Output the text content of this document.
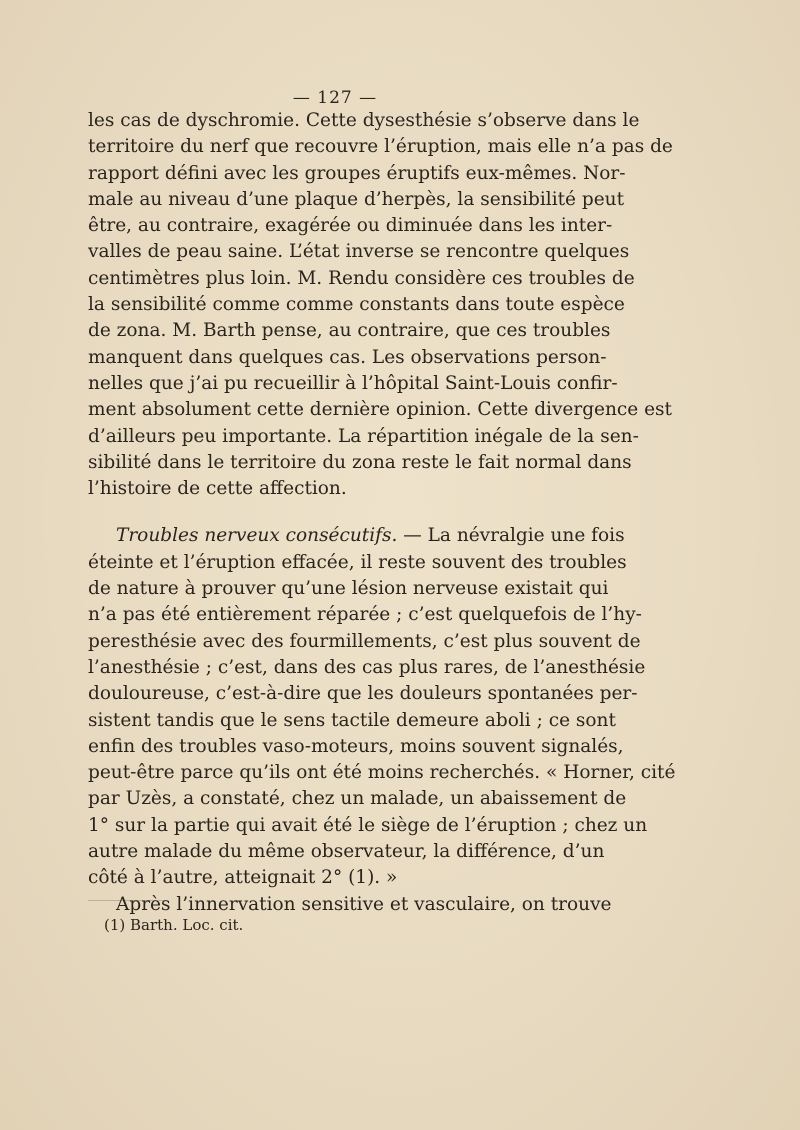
— 127 —
les cas de dyschromie. Cette dysesthésie s’observe dans le
territoire du nerf que recouvre l’éruption, mais elle n’a pas de
rapport défini avec les groupes éruptifs eux-mêmes. Nor-
male au niveau d’une plaque d’herpès, la sensibilité peut
être, au contraire, exagérée ou diminuée dans les inter-
valles de peau saine. L’état inverse se rencontre quelques
centimètres plus loin. M. Rendu considère ces troubles de
la sensibilité comme comme constants dans toute espèce
de zona. M. Barth pense, au contraire, que ces troubles
manquent dans quelques cas. Les observations person-
nelles que j’ai pu recueillir à l’hôpital Saint-Louis confir-
ment absolument cette dernière opinion. Cette divergence est
d’ailleurs peu importante. La répartition inégale de la sen-
sibilité dans le territoire du zona reste le fait normal dans
l’histoire de cette affection.
Troubles nerveux consécutifs. — La névralgie une fois
éteinte et l’éruption effacée, il reste souvent des troubles
de nature à prouver qu’une lésion nerveuse existait qui
n’a pas été entièrement réparée ; c’est quelquefois de l’hy-
peresthésie avec des fourmillements, c’est plus souvent de
l’anesthésie ; c’est, dans des cas plus rares, de l’anesthésie
douloureuse, c’est-à-dire que les douleurs spontanées per-
sistent tandis que le sens tactile demeure aboli ; ce sont
enfin des troubles vaso-moteurs, moins souvent signalés,
peut-être parce qu’ils ont été moins recherchés. « Horner, cité
par Uzès, a constaté, chez un malade, un abaissement de
1° sur la partie qui avait été le siège de l’éruption ; chez un
autre malade du même observateur, la différence, d’un
côté à l’autre, atteignait 2° (1). »
Après l’innervation sensitive et vasculaire, on trouve
(1) Barth. Loc. cit.
